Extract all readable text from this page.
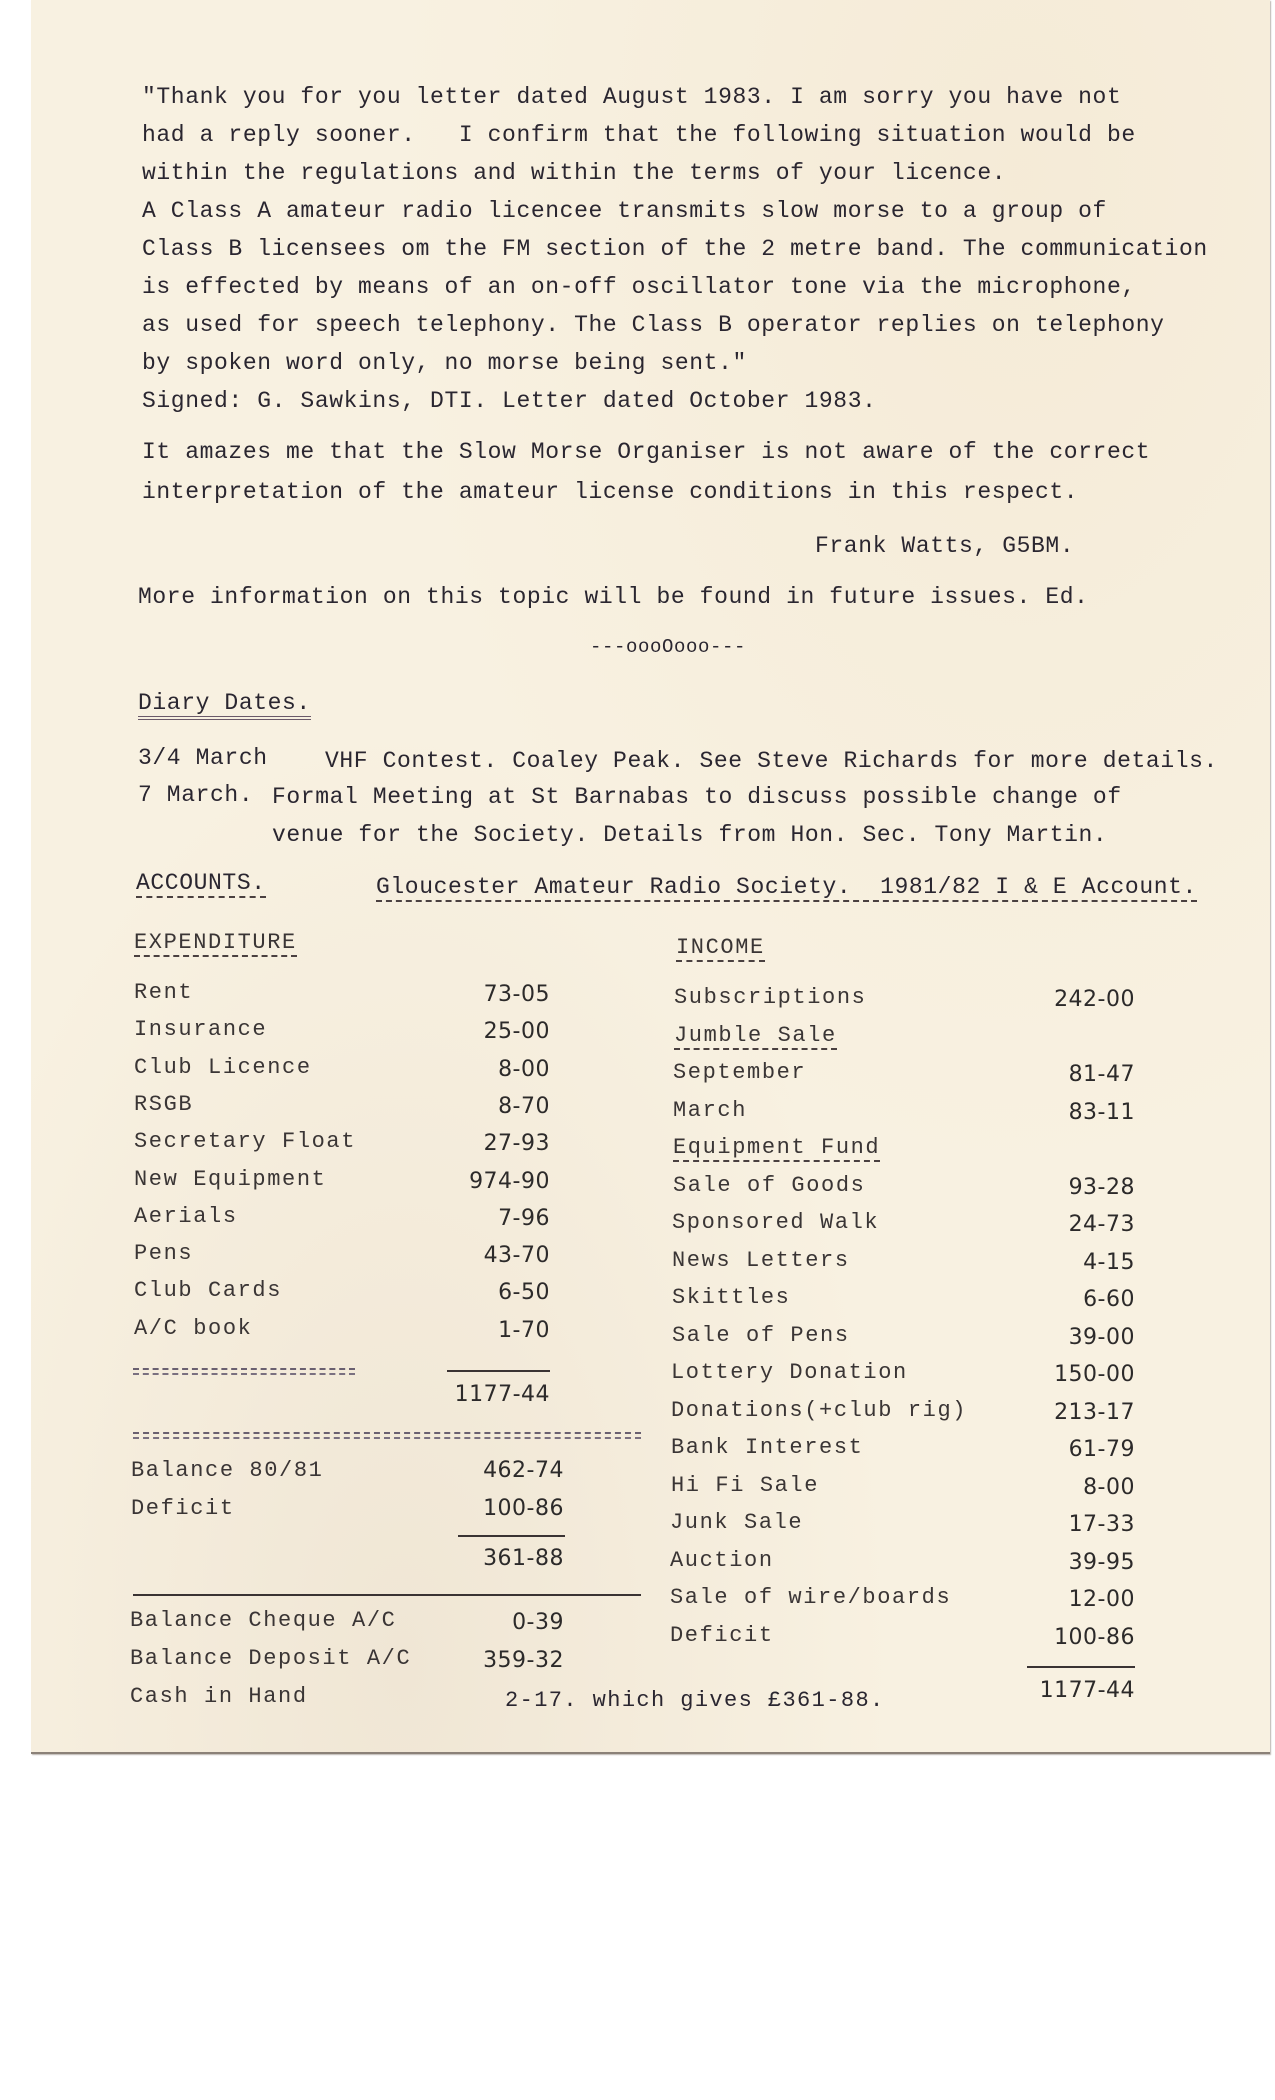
"Thank you for you letter dated August 1983. I am sorry you have not
had a reply sooner.   I confirm that the following situation would be
within the regulations and within the terms of your licence.
A Class A amateur radio licencee transmits slow morse to a group of
Class B licensees om the FM section of the 2 metre band. The communication
is effected by means of an on-off oscillator tone via the microphone,
as used for speech telephony. The Class B operator replies on telephony
by spoken word only, no morse being sent."
Signed: G. Sawkins, DTI. Letter dated October 1983.
It amazes me that the Slow Morse Organiser is not aware of the correct
interpretation of the amateur license conditions in this respect.
Frank Watts, G5BM.
More information on this topic will be found in future issues. Ed.
---oooOooo---
Diary Dates.
3/4 March VHF Contest. Coaley Peak. See Steve Richards for more details.
7 March. Formal Meeting at St Barnabas to discuss possible change of
venue for the Society. Details from Hon. Sec. Tony Martin.
ACCOUNTS.	Gloucester Amateur Radio Society.  1981/82 I & E Account.
EXPENDITURE
Rent	73-05
Insurance	25-00
Club Licence	8-00
RSGB	8-70
Secretary Float	27-93
New Equipment	974-90
Aerials	7-96
Pens	43-70
Club Cards	6-50
A/C book	1-70
1177-44
Balance 80/81	462-74
Deficit	100-86
361-88
Balance Cheque A/C	0-39
Balance Deposit A/C	359-32
Cash in Hand	2-17. which gives £361-88.
INCOME
Subscriptions	242-00
Jumble Sale
September	81-47
March	83-11
Equipment Fund
Sale of Goods	93-28
Sponsored Walk	24-73
News Letters	4-15
Skittles	6-60
Sale of Pens	39-00
Lottery Donation	150-00
Donations(+club rig)	213-17
Bank Interest	61-79
Hi Fi Sale	8-00
Junk Sale	17-33
Auction	39-95
Sale of wire/boards	12-00
Deficit	100-86
1177-44
